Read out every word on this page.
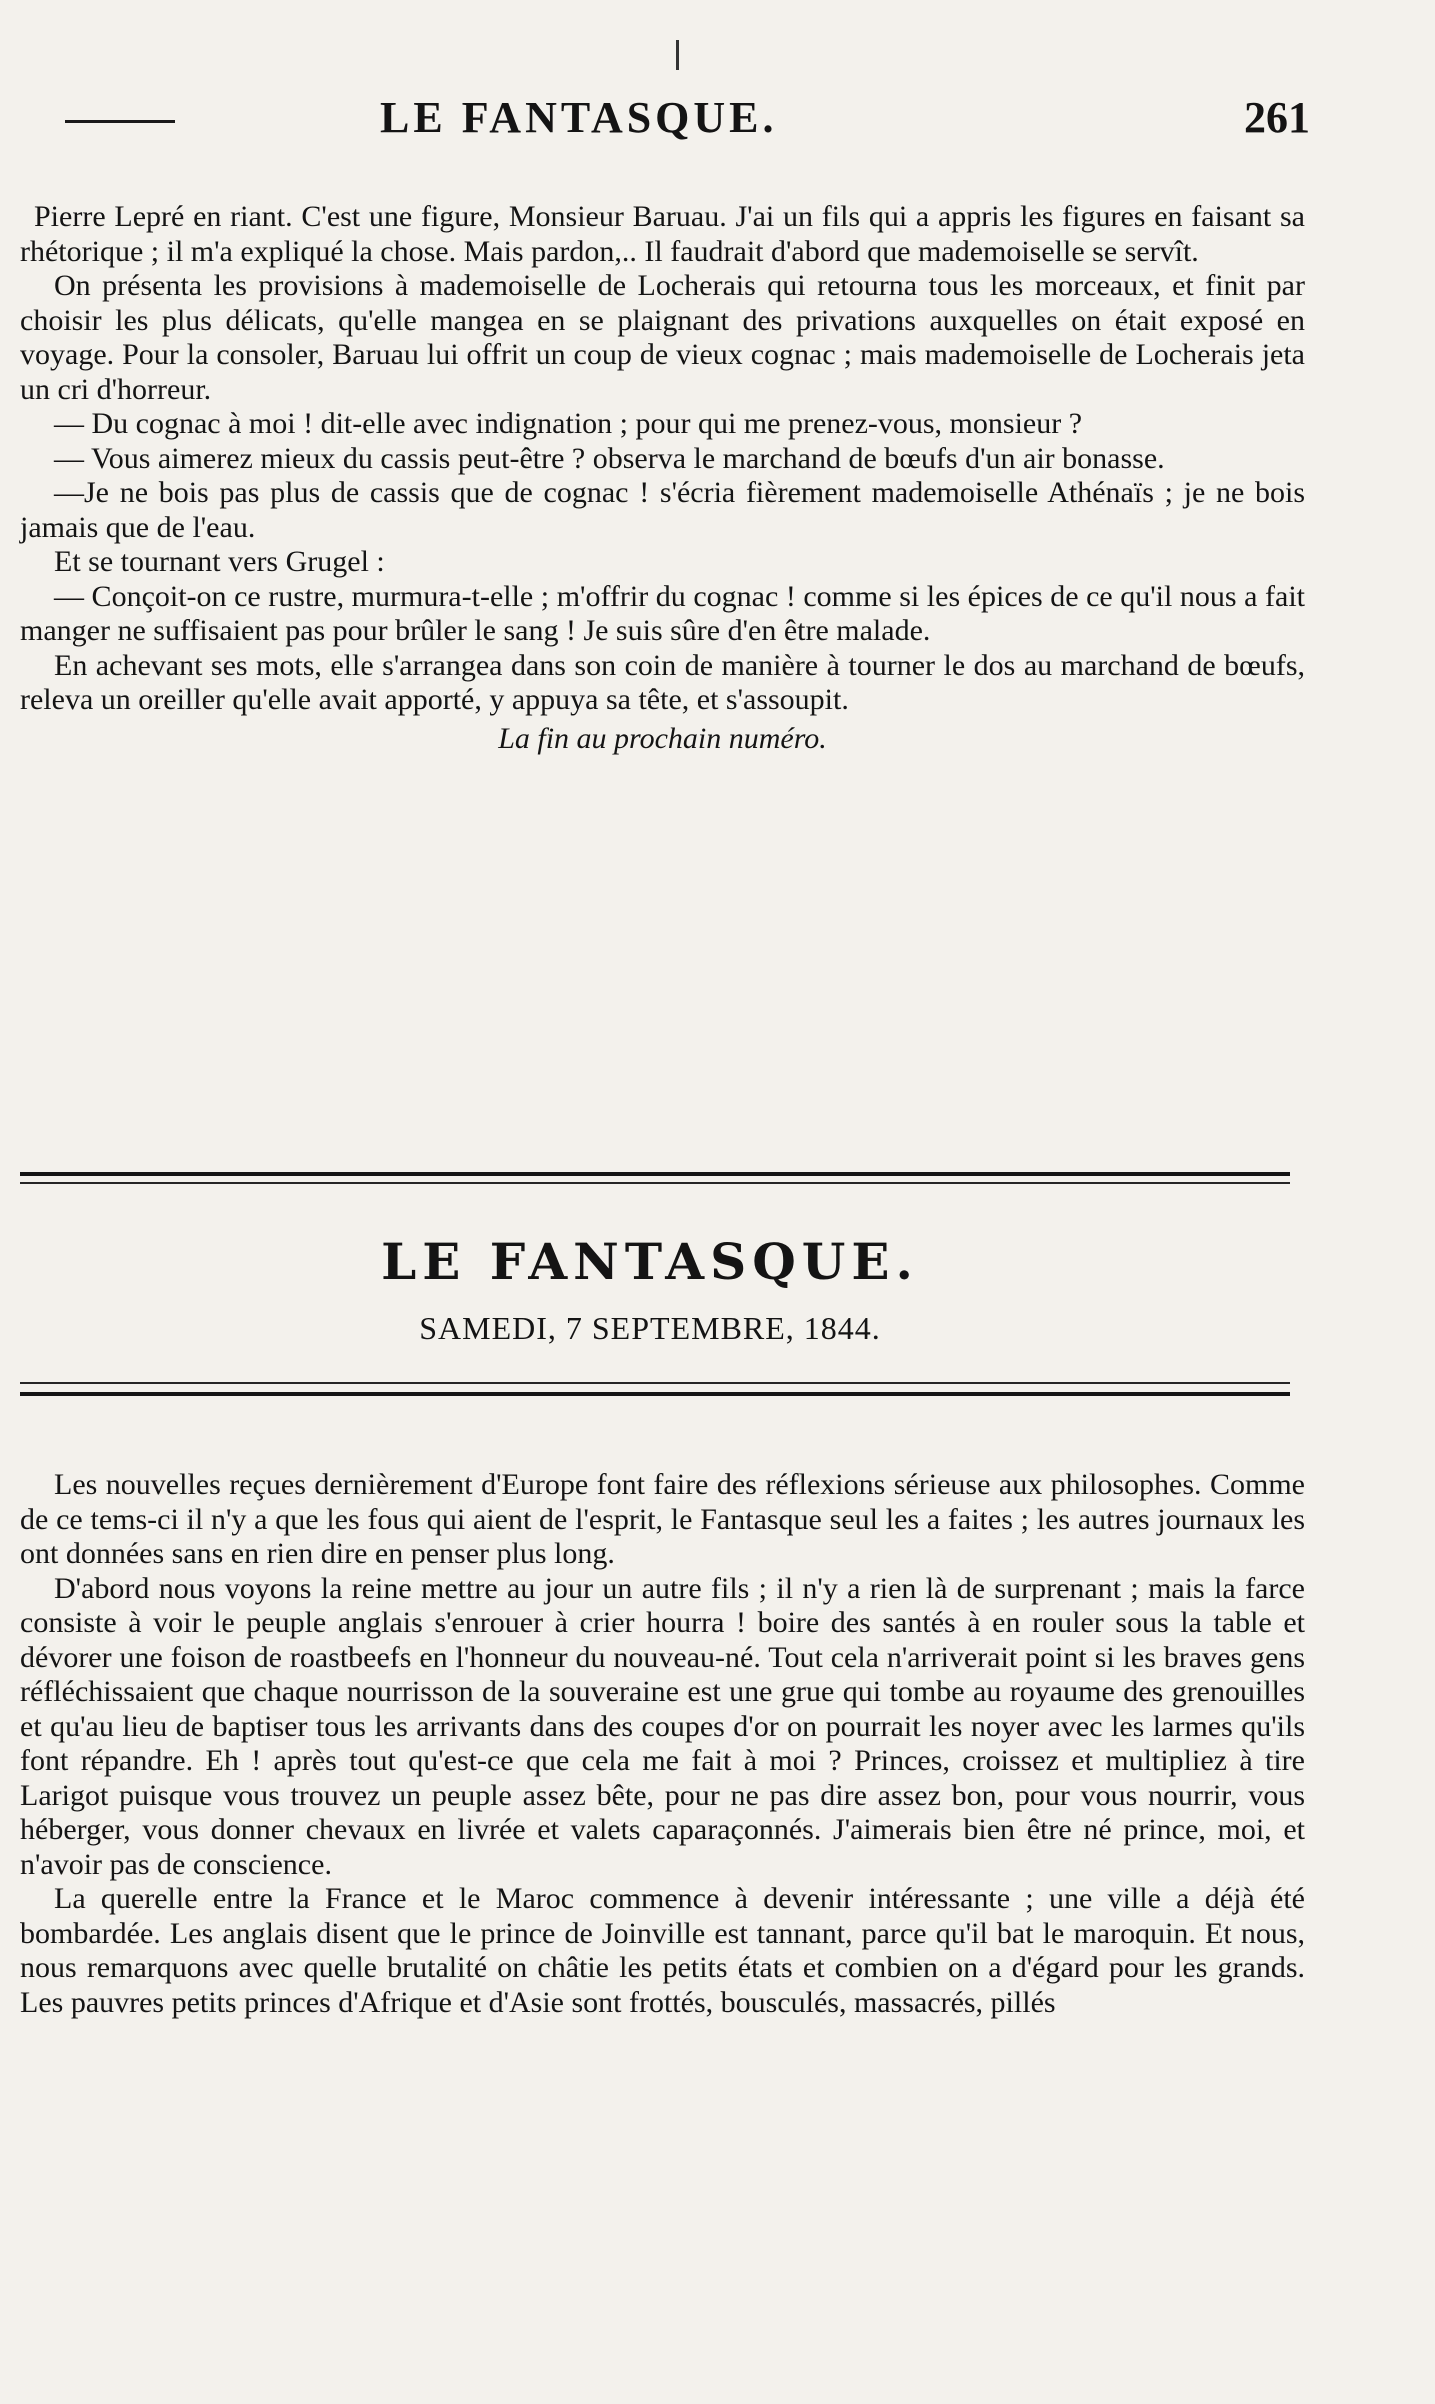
LE FANTASQUE.	261

Pierre Lepré en riant. C'est une figure, Monsieur Baruau. J'ai un fils qui a appris les figures en faisant sa rhétorique ; il m'a expliqué la chose. Mais pardon,.. Il faudrait d'abord que mademoiselle se servît.

On présenta les provisions à mademoiselle de Locherais qui retourna tous les morceaux, et finit par choisir les plus délicats, qu'elle mangea en se plaignant des privations auxquelles on était exposé en voyage. Pour la consoler, Baruau lui offrit un coup de vieux cognac ; mais mademoiselle de Locherais jeta un cri d'horreur.

— Du cognac à moi ! dit-elle avec indignation ; pour qui me prenez-vous, monsieur ?

— Vous aimerez mieux du cassis peut-être ? observa le marchand de bœufs d'un air bonasse.

—Je ne bois pas plus de cassis que de cognac ! s'écria fièrement mademoiselle Athénaïs ; je ne bois jamais que de l'eau.

Et se tournant vers Grugel :

— Conçoit-on ce rustre, murmura-t-elle ; m'offrir du cognac ! comme si les épices de ce qu'il nous a fait manger ne suffisaient pas pour brûler le sang ! Je suis sûre d'en être malade.

En achevant ses mots, elle s'arrangea dans son coin de manière à tourner le dos au marchand de bœufs, releva un oreiller qu'elle avait apporté, y appuya sa tête, et s'assoupit.

La fin au prochain numéro.

LE FANTASQUE.
SAMEDI, 7 SEPTEMBRE, 1844.

Les nouvelles reçues dernièrement d'Europe font faire des réflexions sérieuse aux philosophes. Comme de ce tems-ci il n'y a que les fous qui aient de l'esprit, le Fantasque seul les a faites ; les autres journaux les ont données sans en rien dire en penser plus long.

D'abord nous voyons la reine mettre au jour un autre fils ; il n'y a rien là de surprenant ; mais la farce consiste à voir le peuple anglais s'enrouer à crier hourra ! boire des santés à en rouler sous la table et dévorer une foison de roastbeefs en l'honneur du nouveau-né. Tout cela n'arriverait point si les braves gens réfléchissaient que chaque nourrisson de la souveraine est une grue qui tombe au royaume des grenouilles et qu'au lieu de baptiser tous les arrivants dans des coupes d'or on pourrait les noyer avec les larmes qu'ils font répandre. Eh ! après tout qu'est-ce que cela me fait à moi ? Princes, croissez et multipliez à tire Larigot puisque vous trouvez un peuple assez bête, pour ne pas dire assez bon, pour vous nourrir, vous héberger, vous donner chevaux en livrée et valets caparaçonnés. J'aimerais bien être né prince, moi, et n'avoir pas de conscience.

La querelle entre la France et le Maroc commence à devenir intéressante ; une ville a déjà été bombardée. Les anglais disent que le prince de Joinville est tannant, parce qu'il bat le maroquin. Et nous, nous remarquons avec quelle brutalité on châtie les petits états et combien on a d'égard pour les grands. Les pauvres petits princes d'Afrique et d'Asie sont frottés, bousculés, massacrés, pillés
